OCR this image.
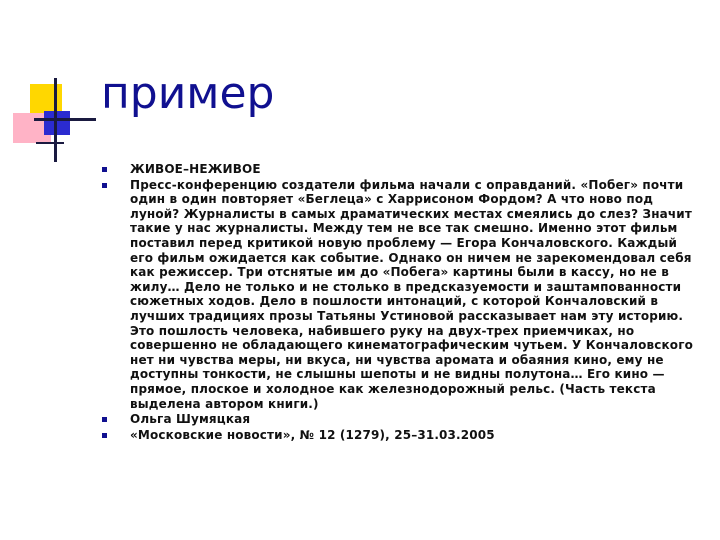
пример
ЖИВОЕ–НЕЖИВОЕ
Пресс-конференцию создатели фильма начали с оправданий. «Побег» почти один в один повторяет «Беглеца» с Харрисоном Фордом? А что ново под луной? Журналисты в самых драматических местах смеялись до слез? Значит такие у нас журналисты. Между тем не все так смешно. Именно этот фильм поставил перед критикой новую проблему — Егора Кончаловского. Каждый его фильм ожидается как событие. Однако он ничем не зарекомендовал себя как режиссер. Три отснятые им до «Побега» картины были в кассу, но не в жилу… Дело не только и не столько в предсказуемости и заштампованности сюжетных ходов. Дело в пошлости интонаций, с которой Кончаловский в лучших традициях прозы Татьяны Устиновой рассказывает нам эту историю. Это пошлость человека, набившего руку на двух-трех приемчиках, но совершенно не обладающего кинематографическим чутьем. У Кончаловского нет ни чувства меры, ни вкуса, ни чувства аромата и обаяния кино, ему не доступны тонкости, не слышны шепоты и не видны полутона… Его кино — прямое, плоское и холодное как железнодорожный рельс. (Часть текста выделена автором книги.)
Ольга Шумяцкая
«Московские новости», № 12 (1279), 25–31.03.2005
